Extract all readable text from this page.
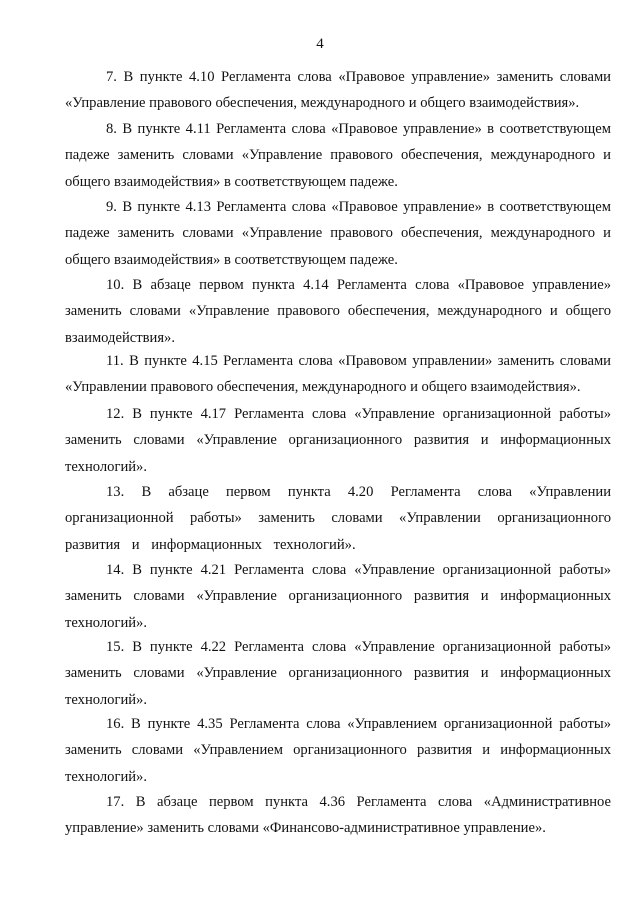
4

7. В пункте 4.10 Регламента слова «Правовое управление» заменить словами «Управление правового обеспечения, международного и общего взаимодействия».

8. В пункте 4.11 Регламента слова «Правовое управление» в соответствующем падеже заменить словами «Управление правового обеспечения, международного и общего взаимодействия» в соответствующем падеже.

9. В пункте 4.13 Регламента слова «Правовое управление» в соответствующем падеже заменить словами «Управление правового обеспечения, международного и общего взаимодействия» в соответствующем падеже.

10. В абзаце первом пункта 4.14 Регламента слова «Правовое управление» заменить словами «Управление правового обеспечения, международного и общего взаимодействия».

11. В пункте 4.15 Регламента слова «Правовом управлении» заменить словами «Управлении правового обеспечения, международного и общего взаимодействия».

12. В пункте 4.17 Регламента слова «Управление организационной работы» заменить словами «Управление организационного развития и информационных технологий».

13. В абзаце первом пункта 4.20 Регламента слова «Управлении организационной работы» заменить словами «Управлении организационного развития и информационных технологий».

14. В пункте 4.21 Регламента слова «Управление организационной работы» заменить словами «Управление организационного развития и информационных технологий».

15. В пункте 4.22 Регламента слова «Управление организационной работы» заменить словами «Управление организационного развития и информационных технологий».

16. В пункте 4.35 Регламента слова «Управлением организационной работы» заменить словами «Управлением организационного развития и информационных технологий».

17. В абзаце первом пункта 4.36 Регламента слова «Административное управление» заменить словами «Финансово-административное управление».
